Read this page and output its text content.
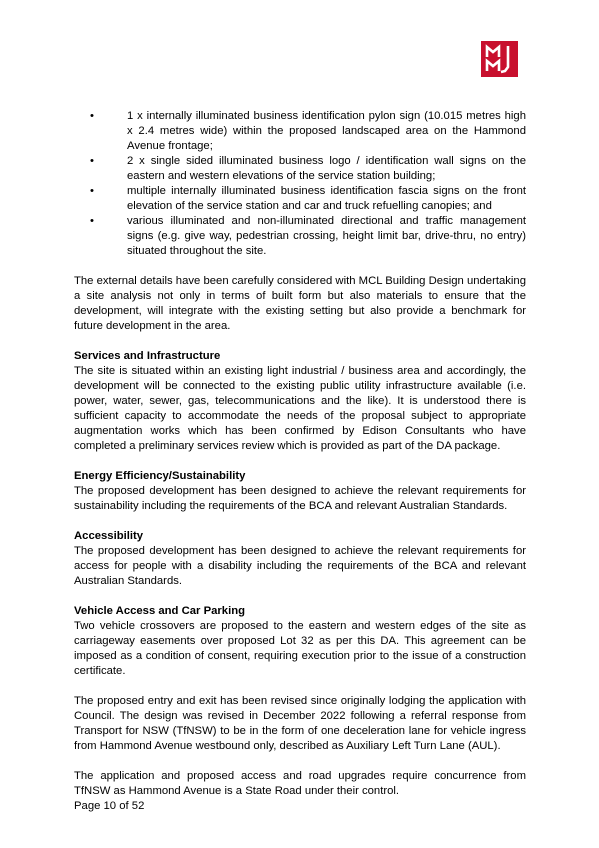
•	1 x internally illuminated business identification pylon sign (10.015 metres high x 2.4 metres wide) within the proposed landscaped area on the Hammond Avenue frontage;
•	2 x single sided illuminated business logo / identification wall signs on the eastern and western elevations of the service station building;
•	multiple internally illuminated business identification fascia signs on the front elevation of the service station and car and truck refuelling canopies; and
•	various illuminated and non-illuminated directional and traffic management signs (e.g. give way, pedestrian crossing, height limit bar, drive-thru, no entry) situated throughout the site.

The external details have been carefully considered with MCL Building Design undertaking a site analysis not only in terms of built form but also materials to ensure that the development, will integrate with the existing setting but also provide a benchmark for future development in the area.

Services and Infrastructure

The site is situated within an existing light industrial / business area and accordingly, the development will be connected to the existing public utility infrastructure available (i.e. power, water, sewer, gas, telecommunications and the like). It is understood there is sufficient capacity to accommodate the needs of the proposal subject to appropriate augmentation works which has been confirmed by Edison Consultants who have completed a preliminary services review which is provided as part of the DA package.

Energy Efficiency/Sustainability

The proposed development has been designed to achieve the relevant requirements for sustainability including the requirements of the BCA and relevant Australian Standards.

Accessibility

The proposed development has been designed to achieve the relevant requirements for access for people with a disability including the requirements of the BCA and relevant Australian Standards.

Vehicle Access and Car Parking

Two vehicle crossovers are proposed to the eastern and western edges of the site as carriageway easements over proposed Lot 32 as per this DA. This agreement can be imposed as a condition of consent, requiring execution prior to the issue of a construction certificate.

The proposed entry and exit has been revised since originally lodging the application with Council. The design was revised in December 2022 following a referral response from Transport for NSW (TfNSW) to be in the form of one deceleration lane for vehicle ingress from Hammond Avenue westbound only, described as Auxiliary Left Turn Lane (AUL).

The application and proposed access and road upgrades require concurrence from TfNSW as Hammond Avenue is a State Road under their control.

Page 10 of 52
